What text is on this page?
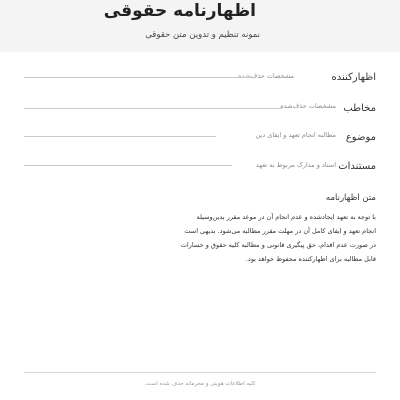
اظهارنامه حقوقی

نمونه تنظیم و تدوین متن حقوقی

اظهارکننده
مشخصات حذف‌شده
مخاطب
مشخصات حذف‌شده
موضوع
مطالبه انجام تعهد و ایفای دین
مستندات
اسناد و مدارک مربوط به تعهد
متن اظهارنامه

با توجه به تعهد ایجادشده و عدم انجام آن در موعد مقرر بدین‌وسیله

انجام تعهد و ایفای کامل آن در مهلت مقرر مطالبه می‌شود. بدیهی است

در صورت عدم اقدام، حق پیگیری قانونی و مطالبه کلیه حقوق و خسارات

قابل مطالبه برای اظهارکننده محفوظ خواهد بود.

کلیه اطلاعات هویتی و محرمانه حذف شده است.
